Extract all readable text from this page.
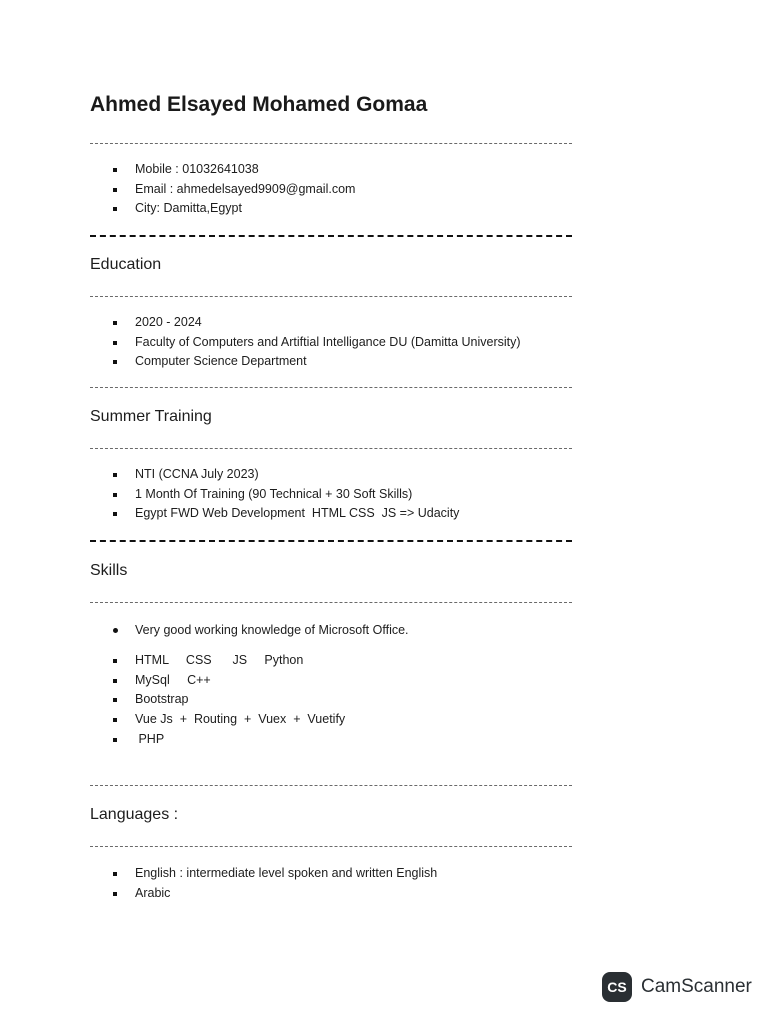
Ahmed Elsayed Mohamed Gomaa
Mobile : 01032641038
Email : ahmedelsayed9909@gmail.com
City: Damitta,Egypt
Education
2020 - 2024
Faculty of Computers and Artiftial Intelligance DU (Damitta University)
Computer Science Department
Summer Training
NTI (CCNA July 2023)
1 Month Of Training (90 Technical + 30 Soft Skills)
Egypt FWD Web Development  HTML CSS  JS => Udacity
Skills
Very good working knowledge of Microsoft Office.
HTML     CSS      JS     Python
MySql     C++
Bootstrap
Vue Js  +  Routing  +  Vuex  +  Vuetify
PHP
Languages :
English : intermediate level spoken and written English
Arabic
CS CamScanner
